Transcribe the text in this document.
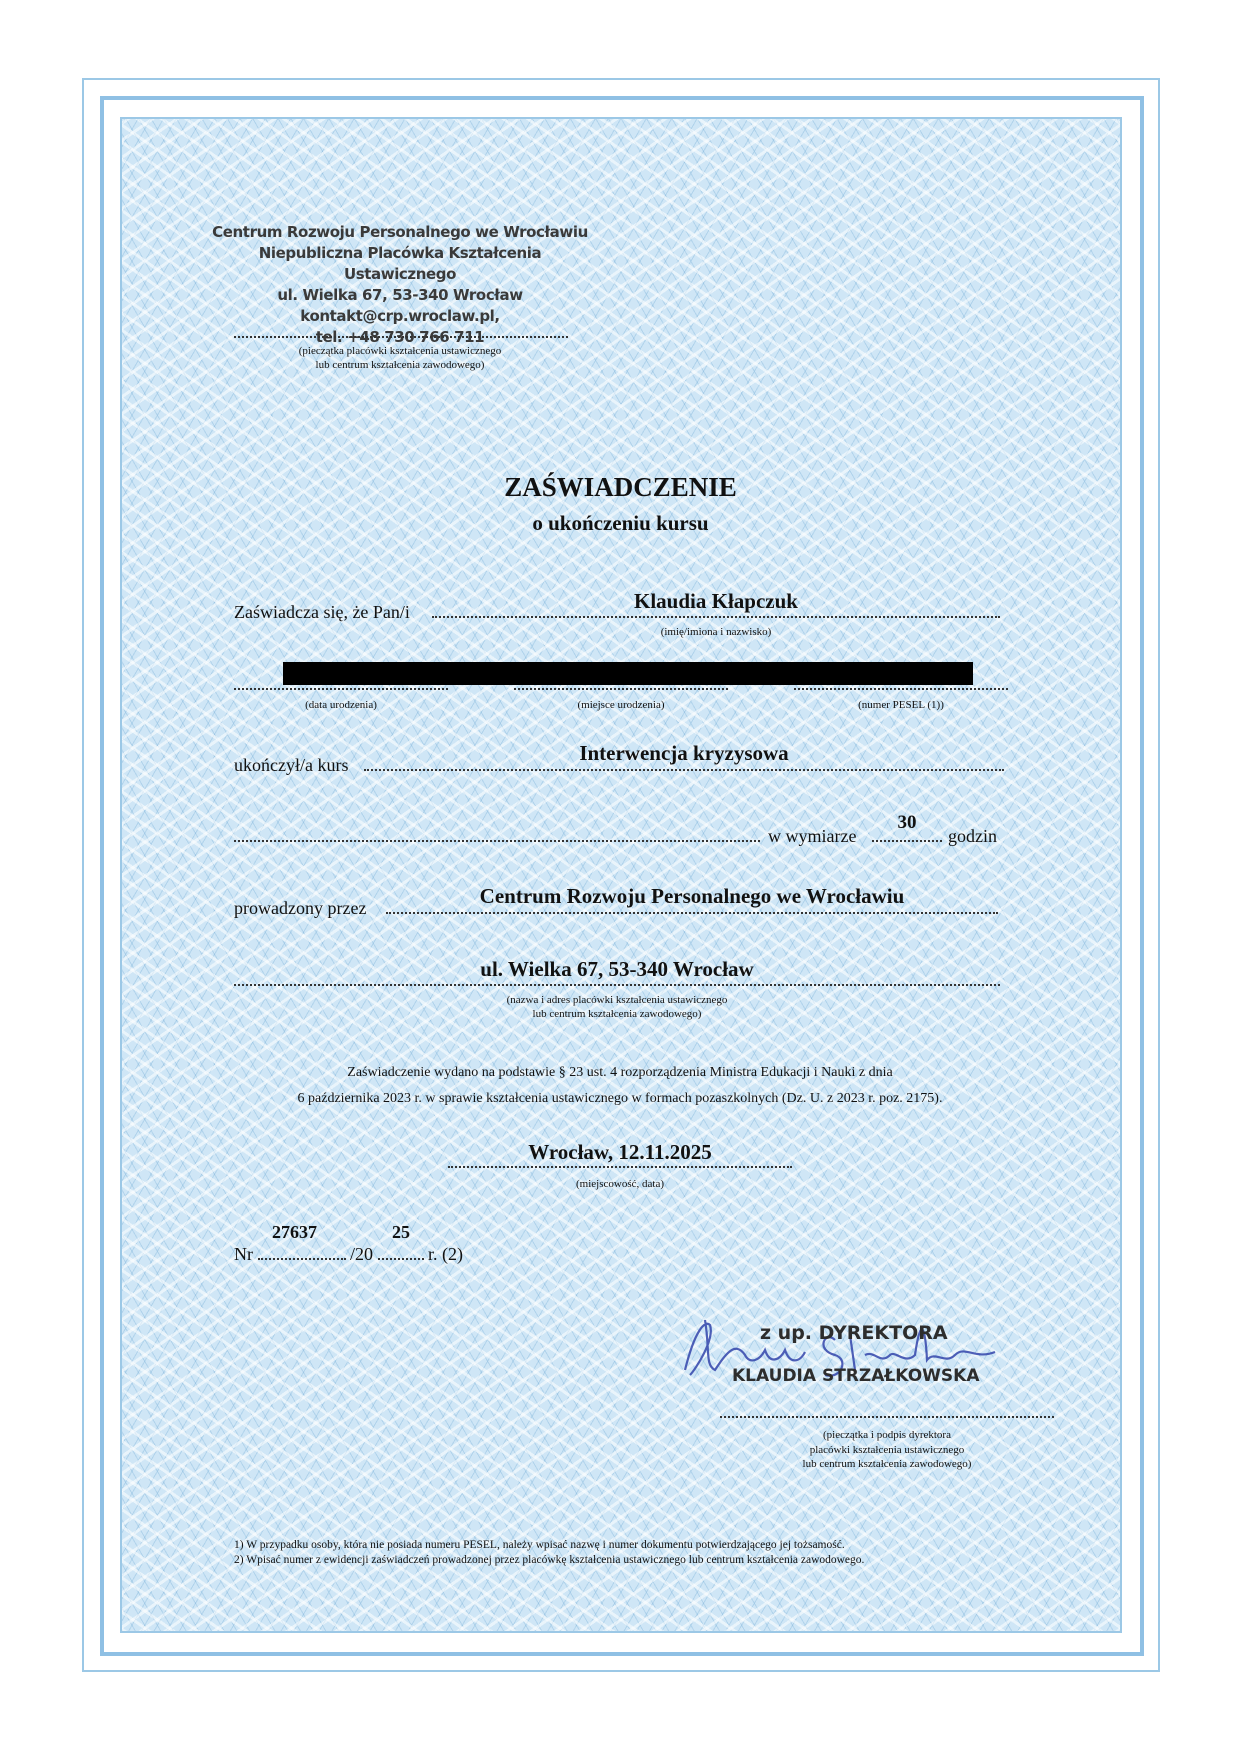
Centrum Rozwoju Personalnego we Wrocławiu
Niepubliczna Placówka Kształcenia Ustawicznego
ul. Wielka 67, 53-340 Wrocław
kontakt@crp.wroclaw.pl,
tel. +48 730 766 711
(pieczątka placówki kształcenia ustawicznego
lub centrum kształcenia zawodowego)
ZAŚWIADCZENIE
o ukończeniu kursu
Zaświadcza się, że Pan/i	Klaudia Kłapczuk
(imię/imiona i nazwisko)
(data urodzenia)	(miejsce urodzenia)	(numer PESEL (1))
ukończył/a kurs	Interwencja kryzysowa
w wymiarze
30
godzin
prowadzony przez	Centrum Rozwoju Personalnego we Wrocławiu
ul. Wielka 67, 53-340 Wrocław
(nazwa i adres placówki kształcenia ustawicznego
lub centrum kształcenia zawodowego)
Zaświadczenie wydano na podstawie § 23 ust. 4 rozporządzenia Ministra Edukacji i Nauki z dnia
6 października 2023 r. w sprawie kształcenia ustawicznego w formach pozaszkolnych (Dz. U. z 2023 r. poz. 2175).
Wrocław, 12.11.2025
(miejscowość, data)
Nr	/20	r. (2)
27637	25
z up. DYREKTORA
KLAUDIA STRZAŁKOWSKA
(pieczątka i podpis dyrektora
placówki kształcenia ustawicznego
lub centrum kształcenia zawodowego)
1) W przypadku osoby, która nie posiada numeru PESEL, należy wpisać nazwę i numer dokumentu potwierdzającego jej tożsamość.
2) Wpisać numer z ewidencji zaświadczeń prowadzonej przez placówkę kształcenia ustawicznego lub centrum kształcenia zawodowego.
